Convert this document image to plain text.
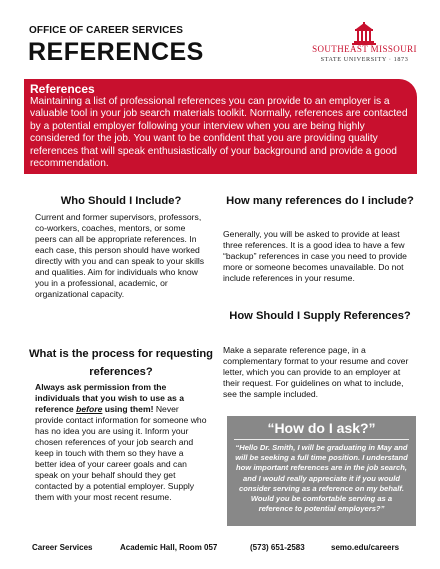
OFFICE OF CAREER SERVICES
REFERENCES	SOUTHEAST MISSOURI
STATE UNIVERSITY · 1873
References

Maintaining a list of professional references you can provide to an employer is a valuable tool in your job search materials toolkit. Normally, references are contacted by a potential employer following your interview when you are being highly considered for the job. You want to be confident that you are providing quality references that will speak enthusiastically of your background and provide a good recommendation.

Who Should I Include?
Current and former supervisors, professors, co-workers, coaches, mentors, or some peers can all be appropriate references. In each case, this person should have worked directly with you and can speak to your skills and qualities. Aim for individuals who know you in a professional, academic, or organizational capacity.
What is the process for requesting references?
Always ask permission from the individuals that you wish to use as a reference before using them! Never provide contact information for someone who has no idea you are using it. Inform your chosen references of your job search and keep in touch with them so they have a better idea of your career goals and can speak on your behalf should they get contacted by a potential employer. Supply them with your most recent resume.
How many references do I include?
Generally, you will be asked to provide at least three references. It is a good idea to have a few “backup” references in case you need to provide more or someone becomes unavailable. Do not include references in your resume.
How Should I Supply References?
Make a separate reference page, in a complementary format to your resume and cover letter, which you can provide to an employer at their request. For guidelines on what to include, see the sample included.
“How do I ask?”

“Hello Dr. Smith, I will be graduating in May and will be seeking a full time position. I understand how important references are in the job search, and I would really appreciate it if you would consider serving as a reference on my behalf. Would you be comfortable serving as a reference to potential employers?”

Career Services	Academic Hall, Room 057	(573) 651-2583	semo.edu/careers
